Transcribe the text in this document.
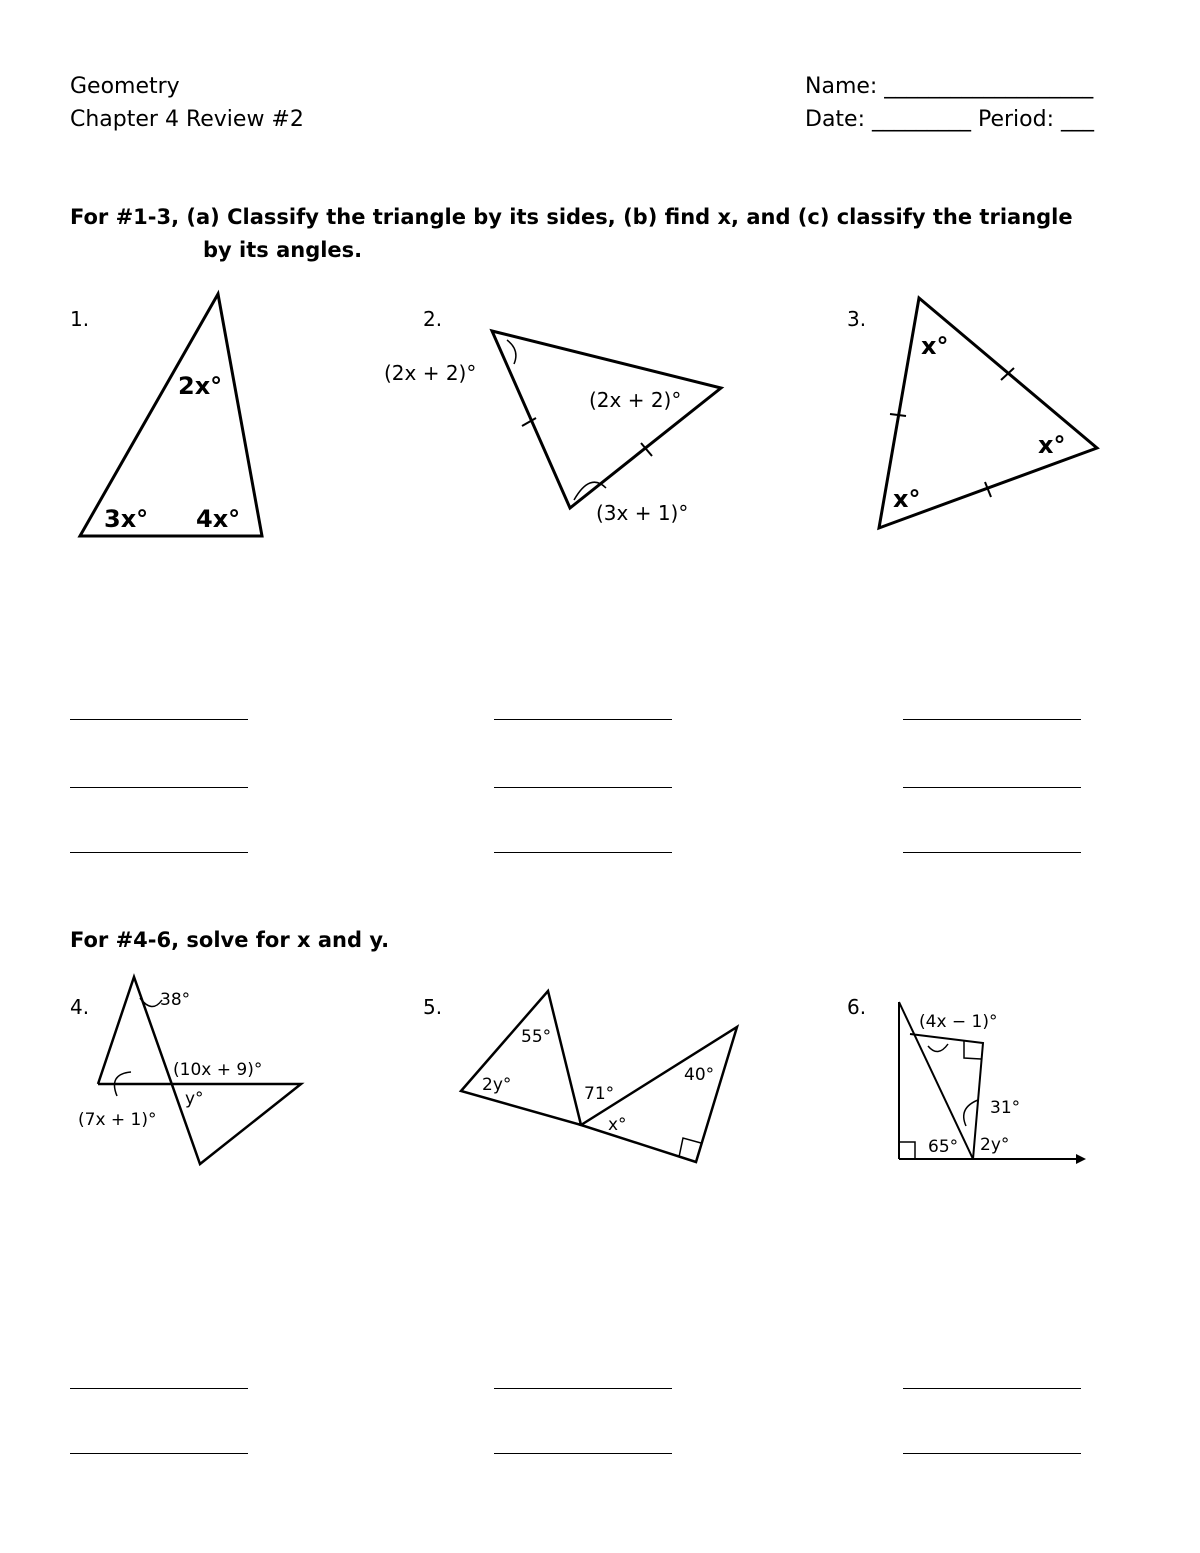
Geometry
Chapter 4 Review #2
Name: ___________________
Date: _________ Period: ___
For #1-3, (a) Classify the triangle by its sides, (b) find x, and (c) classify the triangle
by its angles.
1.	2.	3.
4.	5.	6.
For #4-6, solve for x and y.
2x°
3x° 4x°
(2x + 2)°
(2x + 2)°
(3x + 1)°
x°
x°
x°
38°
(10x + 9)°
y°
(7x + 1)°
55°
2y°	71°
x°
40°
(4x − 1)°
31°
65° 2y°
